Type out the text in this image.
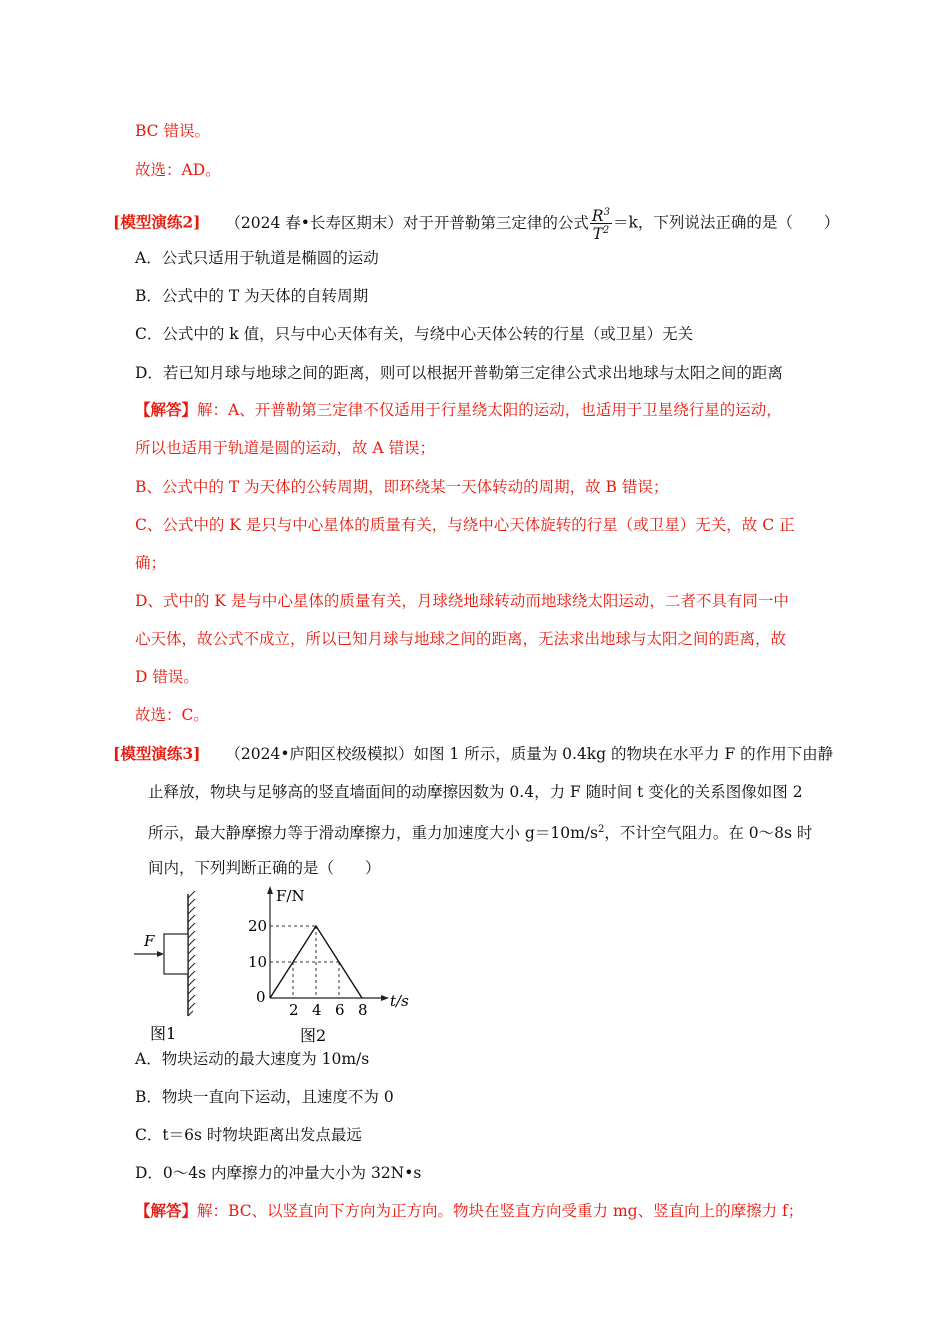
BC 错误。
故选：AD。
[模型演练2] （2024 春•长寿区期末）对于开普勒第三定律的公式 $\frac{R^3}{T^2} =k$，下列说法正确的是（　　）
A．公式只适用于轨道是椭圆的运动
B．公式中的 T 为天体的自转周期
C．公式中的 k 值，只与中心天体有关，与绕中心天体公转的行星（或卫星）无关
D．若已知月球与地球之间的距离，则可以根据开普勒第三定律公式求出地球与太阳之间的距离
【解答】解：A、开普勒第三定律不仅适用于行星绕太阳的运动，也适用于卫星绕行星的运动，
所以也适用于轨道是圆的运动，故 A 错误；
B、公式中的 T 为天体的公转周期，即环绕某一天体转动的周期，故 B 错误；
C、公式中的 K 是只与中心星体的质量有关，与绕中心天体旋转的行星（或卫星）无关，故 C 正
确；
D、式中的 K 是与中心星体的质量有关，月球绕地球转动而地球绕太阳运动，二者不具有同一中
心天体，故公式不成立，所以已知月球与地球之间的距离，无法求出地球与太阳之间的距离，故
D 错误。
故选：C。
[模型演练3] （2024•庐阳区校级模拟）如图 1 所示，质量为 0.4kg 的物块在水平力 F 的作用下由静
止释放，物块与足够高的竖直墙面间的动摩擦因数为 0.4，力 F 随时间 t 变化的关系图像如图 2
所示，最大静摩擦力等于滑动摩擦力，重力加速度大小 $g=10m/s^2$，不计空气阻力。在 0～8s 时
间内，下列判断正确的是（　　）
F
图1
F/N
t/s
0
2 4 6 8
10
20
图2
A．物块运动的最大速度为 10m/s
B．物块一直向下运动，且速度不为 0
C．t＝6s 时物块距离出发点最远
D．0～4s 内摩擦力的冲量大小为 32N•s
【解答】解：BC、以竖直向下方向为正方向。物块在竖直方向受重力 mg、竖直向上的摩擦力 f；
